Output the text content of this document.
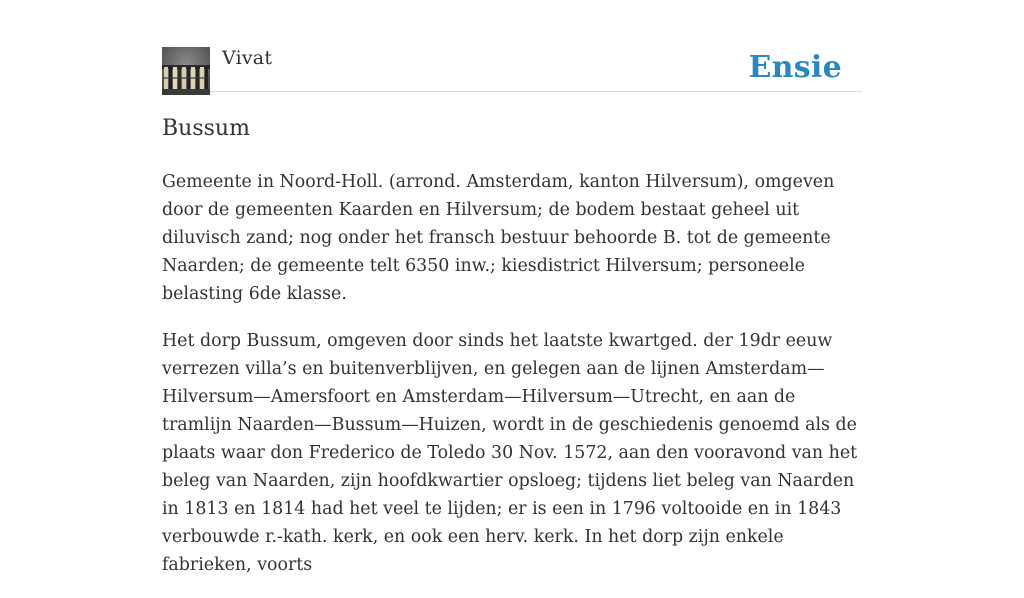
Vivat	Ensie
Bussum

Gemeente in Noord-Holl. (arrond. Amsterdam, kanton Hilversum), omgeven door de gemeenten Kaarden en Hilversum; de bodem bestaat geheel uit diluvisch zand; nog onder het fransch bestuur behoorde B. tot de gemeente Naarden; de gemeente telt 6350 inw.; kiesdistrict Hilversum; personeele belasting 6de klasse.

Het dorp Bussum, omgeven door sinds het laatste kwartged. der 19dr eeuw verrezen villa’s en buitenverblijven, en gelegen aan de lijnen Amsterdam—Hilversum—Amersfoort en Amsterdam—Hilversum—Utrecht, en aan de tramlijn Naarden—Bussum—Huizen, wordt in de geschiedenis genoemd als de plaats waar don Frederico de Toledo 30 Nov. 1572, aan den vooravond van het beleg van Naarden, zijn hoofdkwartier opsloeg; tijdens liet beleg van Naarden in 1813 en 1814 had het veel te lijden; er is een in 1796 voltooide en in 1843 verbouwde r.-kath. kerk, en ook een herv. kerk. In het dorp zijn enkele fabrieken, voorts
